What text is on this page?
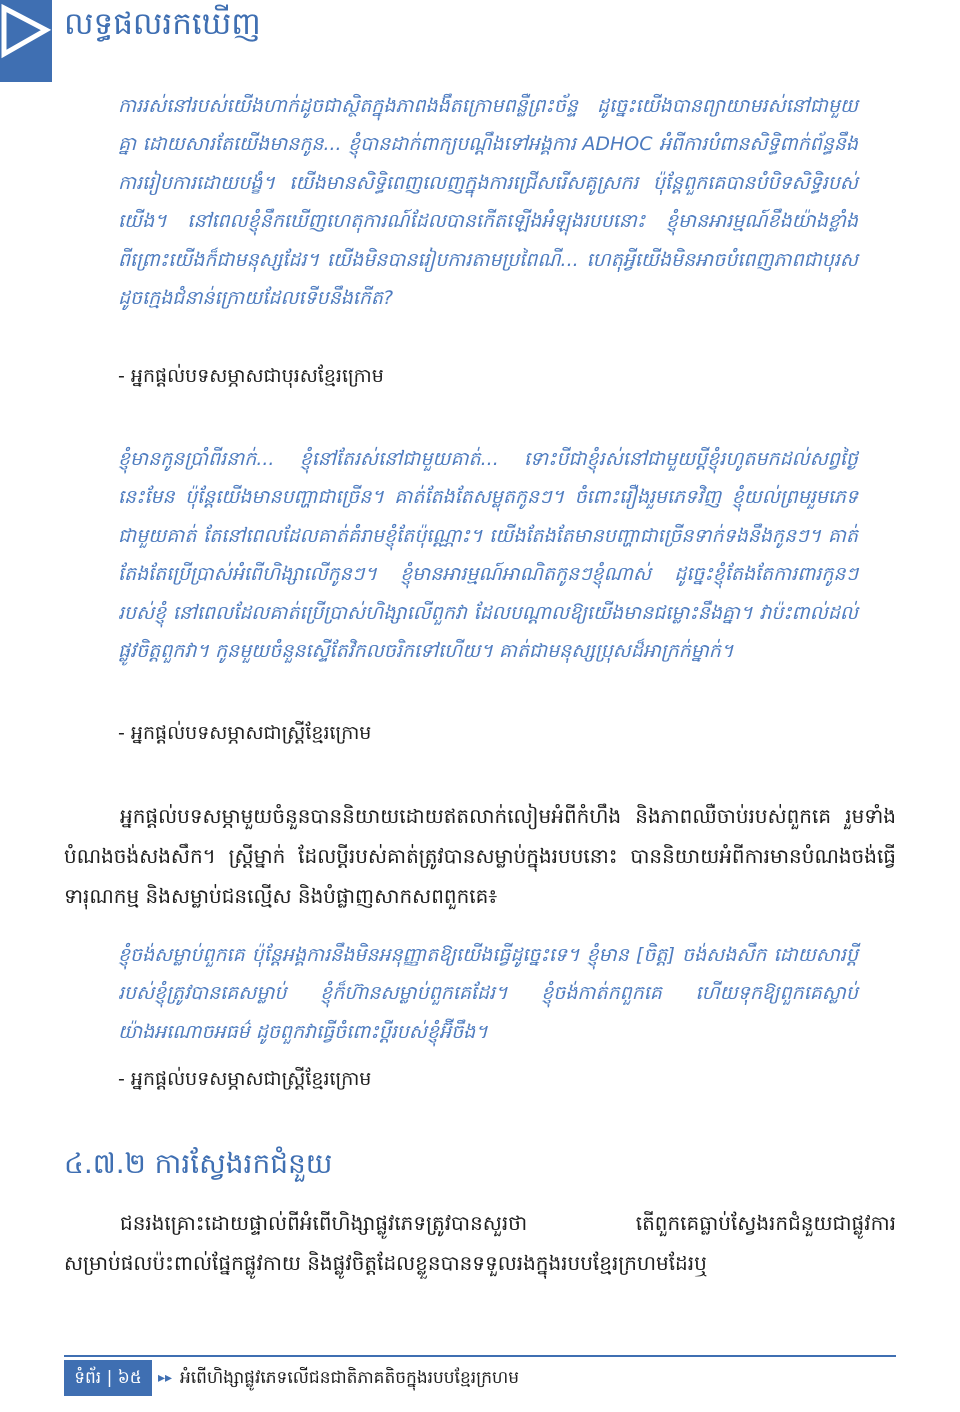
លទ្ធផលរកឃើញ
ការរស់នៅរបស់យើងហាក់ដូចជាស្ថិតក្នុងភាពងងឹតក្រោមពន្លឺព្រះច័ន្ទ ដូច្នេះយើងបានព្យាយាមរស់នៅជាមួយគ្នា ដោយសារតែយើងមានកូន... ខ្ញុំបានដាក់ពាក្យបណ្ដឹងទៅអង្គការ ADHOC អំពីការបំពានសិទ្ធិពាក់ព័ន្ធនឹងការរៀបការដោយបង្ខំ។ យើងមានសិទ្ធិពេញលេញក្នុងការជ្រើសរើសគូស្រករ ប៉ុន្តែពួកគេបានបំបិទសិទ្ធិរបស់យើង។ នៅពេលខ្ញុំនឹកឃើញហេតុការណ៍ដែលបានកើតឡើងអំឡុងរបបនោះ ខ្ញុំមានអារម្មណ៍ខឹងយ៉ាងខ្លាំង ពីព្រោះយើងក៏ជាមនុស្សដែរ។ យើងមិនបានរៀបការតាមប្រពៃណី... ហេតុអ្វីយើងមិនអាចបំពេញភាពជាបុរសដូចក្មេងជំនាន់ក្រោយដែលទើបនឹងកើត?
- អ្នកផ្ដល់បទសម្ភាសជាបុរសខ្មែរក្រោម
ខ្ញុំមានកូនប្រាំពីរនាក់... ខ្ញុំនៅតែរស់នៅជាមួយគាត់... ទោះបីជាខ្ញុំរស់នៅជាមួយប្ដីខ្ញុំរហូតមកដល់សព្វថ្ងៃនេះមែន ប៉ុន្តែយើងមានបញ្ហាជាច្រើន។ គាត់តែងតែសម្លុតកូនៗ។ ចំពោះរឿងរួមភេទវិញ ខ្ញុំយល់ព្រមរួមភេទជាមួយគាត់ តែនៅពេលដែលគាត់គំរាមខ្ញុំតែប៉ុណ្ណោះ។ យើងតែងតែមានបញ្ហាជាច្រើនទាក់ទងនឹងកូនៗ។ គាត់តែងតែប្រើប្រាស់អំពើហិង្សាលើកូនៗ។ ខ្ញុំមានអារម្មណ៍អាណិតកូនៗខ្ញុំណាស់ ដូច្នេះខ្ញុំតែងតែការពារកូនៗរបស់ខ្ញុំ នៅពេលដែលគាត់ប្រើប្រាស់ហិង្សាលើពួកវា ដែលបណ្ដាលឱ្យយើងមានជម្លោះនឹងគ្នា។ វាប៉ះពាល់ដល់ផ្លូវចិត្តពួកវា។ កូនមួយចំនួនស្ទើតែវិកលចរិកទៅហើយ។ គាត់ជាមនុស្សប្រុសដ៏អាក្រក់ម្នាក់។
- អ្នកផ្ដល់បទសម្ភាសជាស្ត្រីខ្មែរក្រោម
អ្នកផ្ដល់បទសម្ភាមួយចំនួនបាននិយាយដោយឥតលាក់លៀមអំពីកំហឹង និងភាពឈឺចាប់របស់ពួកគេ រួមទាំងបំណងចង់សងសឹក។ ស្ត្រីម្នាក់ ដែលប្ដីរបស់គាត់ត្រូវបានសម្លាប់ក្នុងរបបនោះ បាននិយាយអំពីការមានបំណងចង់ធ្វើទារុណកម្ម និងសម្លាប់ជនល្មើស និងបំផ្លាញសាកសពពួកគេ៖
ខ្ញុំចង់សម្លាប់ពួកគេ ប៉ុន្តែអង្គការនឹងមិនអនុញ្ញាតឱ្យយើងធ្វើដូច្នេះទេ។ ខ្ញុំមាន [ចិត្ត] ចង់សងសឹក ដោយសារប្ដីរបស់ខ្ញុំត្រូវបានគេសម្លាប់ ខ្ញុំក៏ហ៊ានសម្លាប់ពួកគេដែរ។ ខ្ញុំចង់កាត់កពួកគេ ហើយទុកឱ្យពួកគេស្លាប់យ៉ាងអណោចអធម៌ ដូចពួកវាធ្វើចំពោះប្ដីរបស់ខ្ញុំអ៊ីចឹង។
- អ្នកផ្ដល់បទសម្ភាសជាស្ត្រីខ្មែរក្រោម
៤.៧.២ ការស្វែងរកជំនួយ
ជនរងគ្រោះដោយផ្ទាល់ពីអំពើហិង្សាផ្លូវភេទត្រូវបានសួរថា តើពួកគេធ្លាប់ស្វែងរកជំនួយជាផ្លូវការសម្រាប់ផលប៉ះពាល់ផ្នែកផ្លូវកាយ និងផ្លូវចិត្តដែលខ្លួនបានទទួលរងក្នុងរបបខ្មែរក្រហមដែរឬ
ទំព័រ | ៦៥	▸▸ អំពើហិង្សាផ្លូវភេទលើជនជាតិភាគតិចក្នុងរបបខ្មែរក្រហម
